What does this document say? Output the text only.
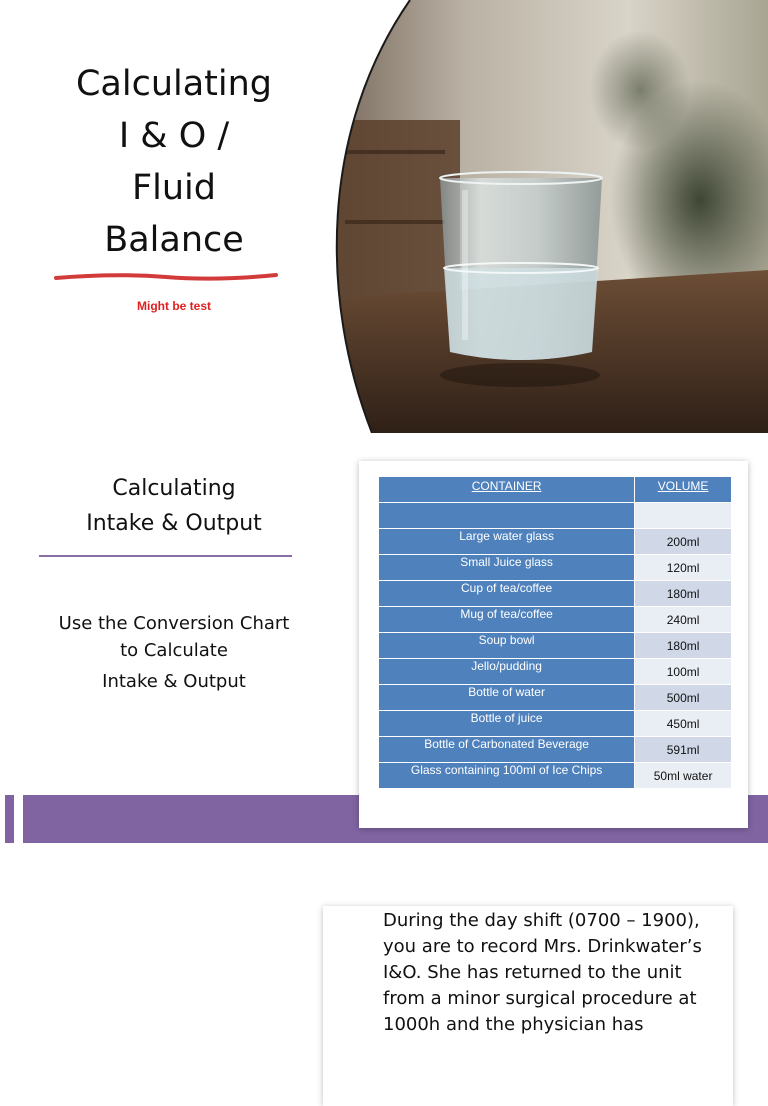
Calculating
I & O /
Fluid
Balance
Might be test
Calculating
Intake & Output
Use the Conversion Chart
to Calculate
Intake & Output
CONTAINER	VOLUME

Large water glass	200ml
Small Juice glass	120ml
Cup of tea/coffee	180ml
Mug of tea/coffee	240ml
Soup bowl	180ml
Jello/pudding	100ml
Bottle of water	500ml
Bottle of juice	450ml
Bottle of Carbonated Beverage	591ml
Glass containing 100ml of Ice Chips	50ml water
During the day shift (0700 – 1900),
you are to record Mrs. Drinkwater’s
I&O. She has returned to the unit
from a minor surgical procedure at
1000h and the physician has
